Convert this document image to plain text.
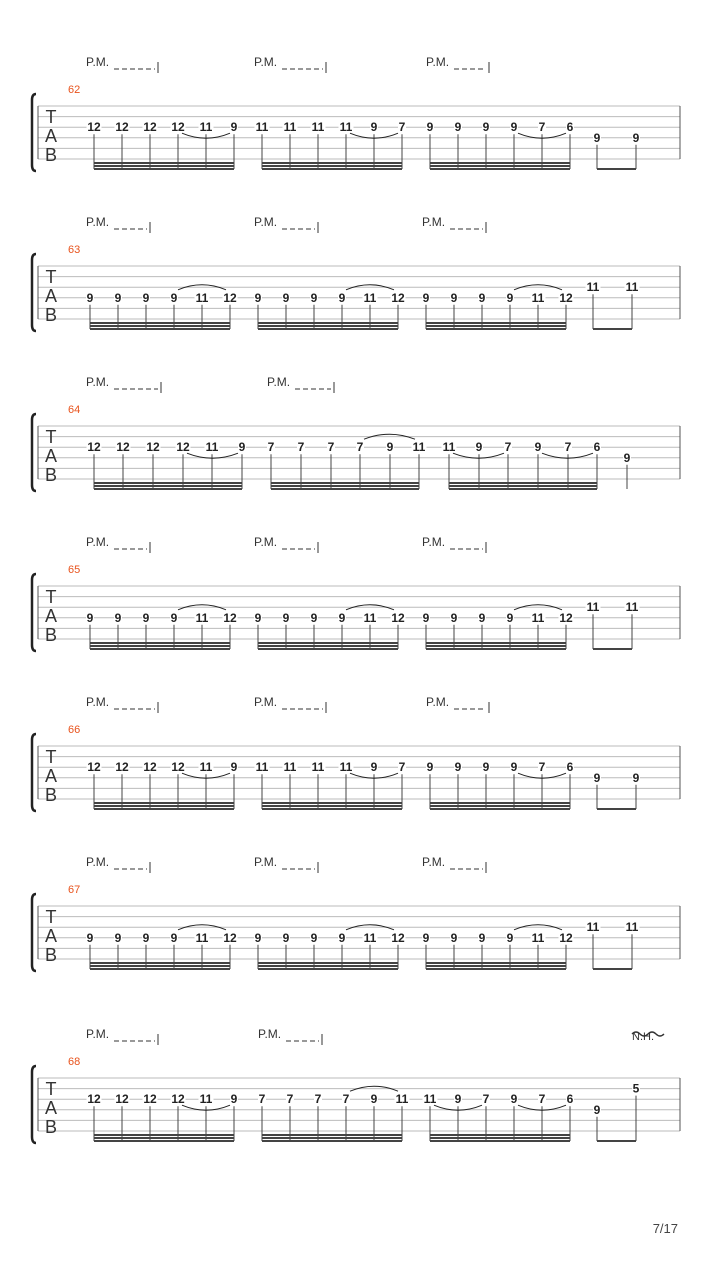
T
A
B
62
P.M.	P.M.	P.M.
12 12 12 12 11 9 11 11 11 11 9 7 9 9 9 9 7 6
9	9
T
A
B
63
P.M.	P.M.	P.M.
9 9 9 9 11 12 9 9 9 9 11 12 9 9 9 9 11 12
11 11
T
A
B
64
P.M.	P.M.
12 12 12 12 11 9 7 7 7 7 9 11 11 9 7 9 7 6
9
T
A
B
65
P.M.	P.M.	P.M.
9 9 9 9 11 12 9 9 9 9 11 12 9 9 9 9 11 12
11 11
T
A
B
66
P.M.	P.M.	P.M.
12 12 12 12 11 9 11 11 11 11 9 7 9 9 9 9 7 6
9	9
T
A
B
67
P.M.	P.M.	P.M.
9 9 9 9 11 12 9 9 9 9 11 12 9 9 9 9 11 12
11 11
T
A
B
68
P.M.	P.M.	N.H.
12 12 12 12 11 9 7 7 7 7 9 11 11 9 7 9 7 6
9
5
7/17
